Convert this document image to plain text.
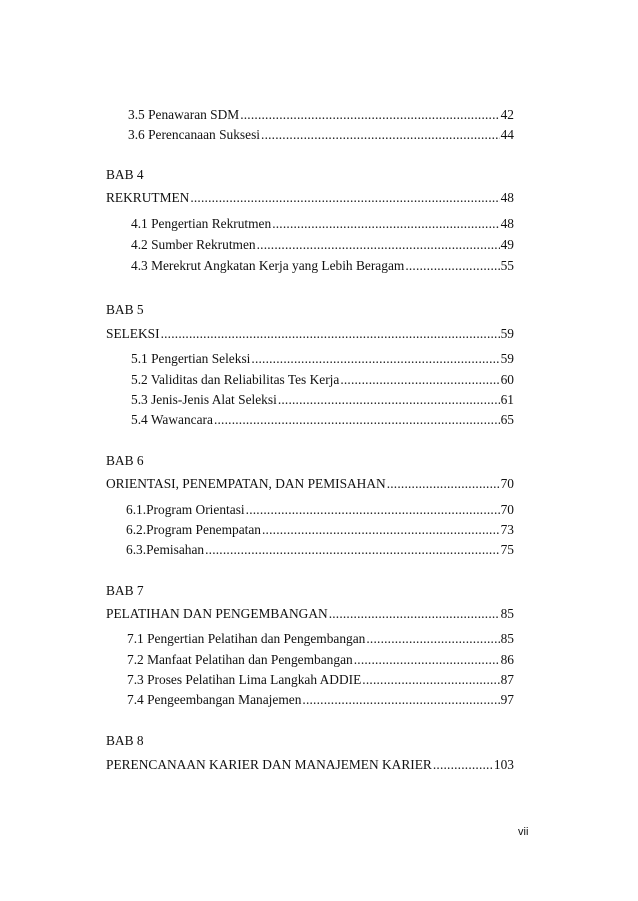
3.5 Penawaran SDM .....	42
3.6 Perencanaan Suksesi .....	44
BAB 4
REKRUTMEN .....	48
4.1 Pengertian Rekrutmen .....	48
4.2 Sumber Rekrutmen .....	49
4.3 Merekrut Angkatan Kerja yang Lebih Beragam .....	55
BAB 5
SELEKSI .....	59
5.1 Pengertian Seleksi .....	59
5.2 Validitas dan Reliabilitas Tes Kerja .....	60
5.3 Jenis-Jenis Alat Seleksi .....	61
5.4 Wawancara .....	65
BAB 6
ORIENTASI, PENEMPATAN, DAN PEMISAHAN .....	70
6.1.Program Orientasi .....	70
6.2.Program Penempatan .....	73
6.3.Pemisahan .....	75
BAB 7
PELATIHAN DAN PENGEMBANGAN .....	85
7.1 Pengertian Pelatihan dan Pengembangan .....	85
7.2 Manfaat Pelatihan dan Pengembangan .....	86
7.3 Proses Pelatihan Lima Langkah ADDIE .....	87
7.4 Pengeembangan Manajemen .....	97
BAB 8
PERENCANAAN KARIER DAN MANAJEMEN KARIER .....	103
vii
